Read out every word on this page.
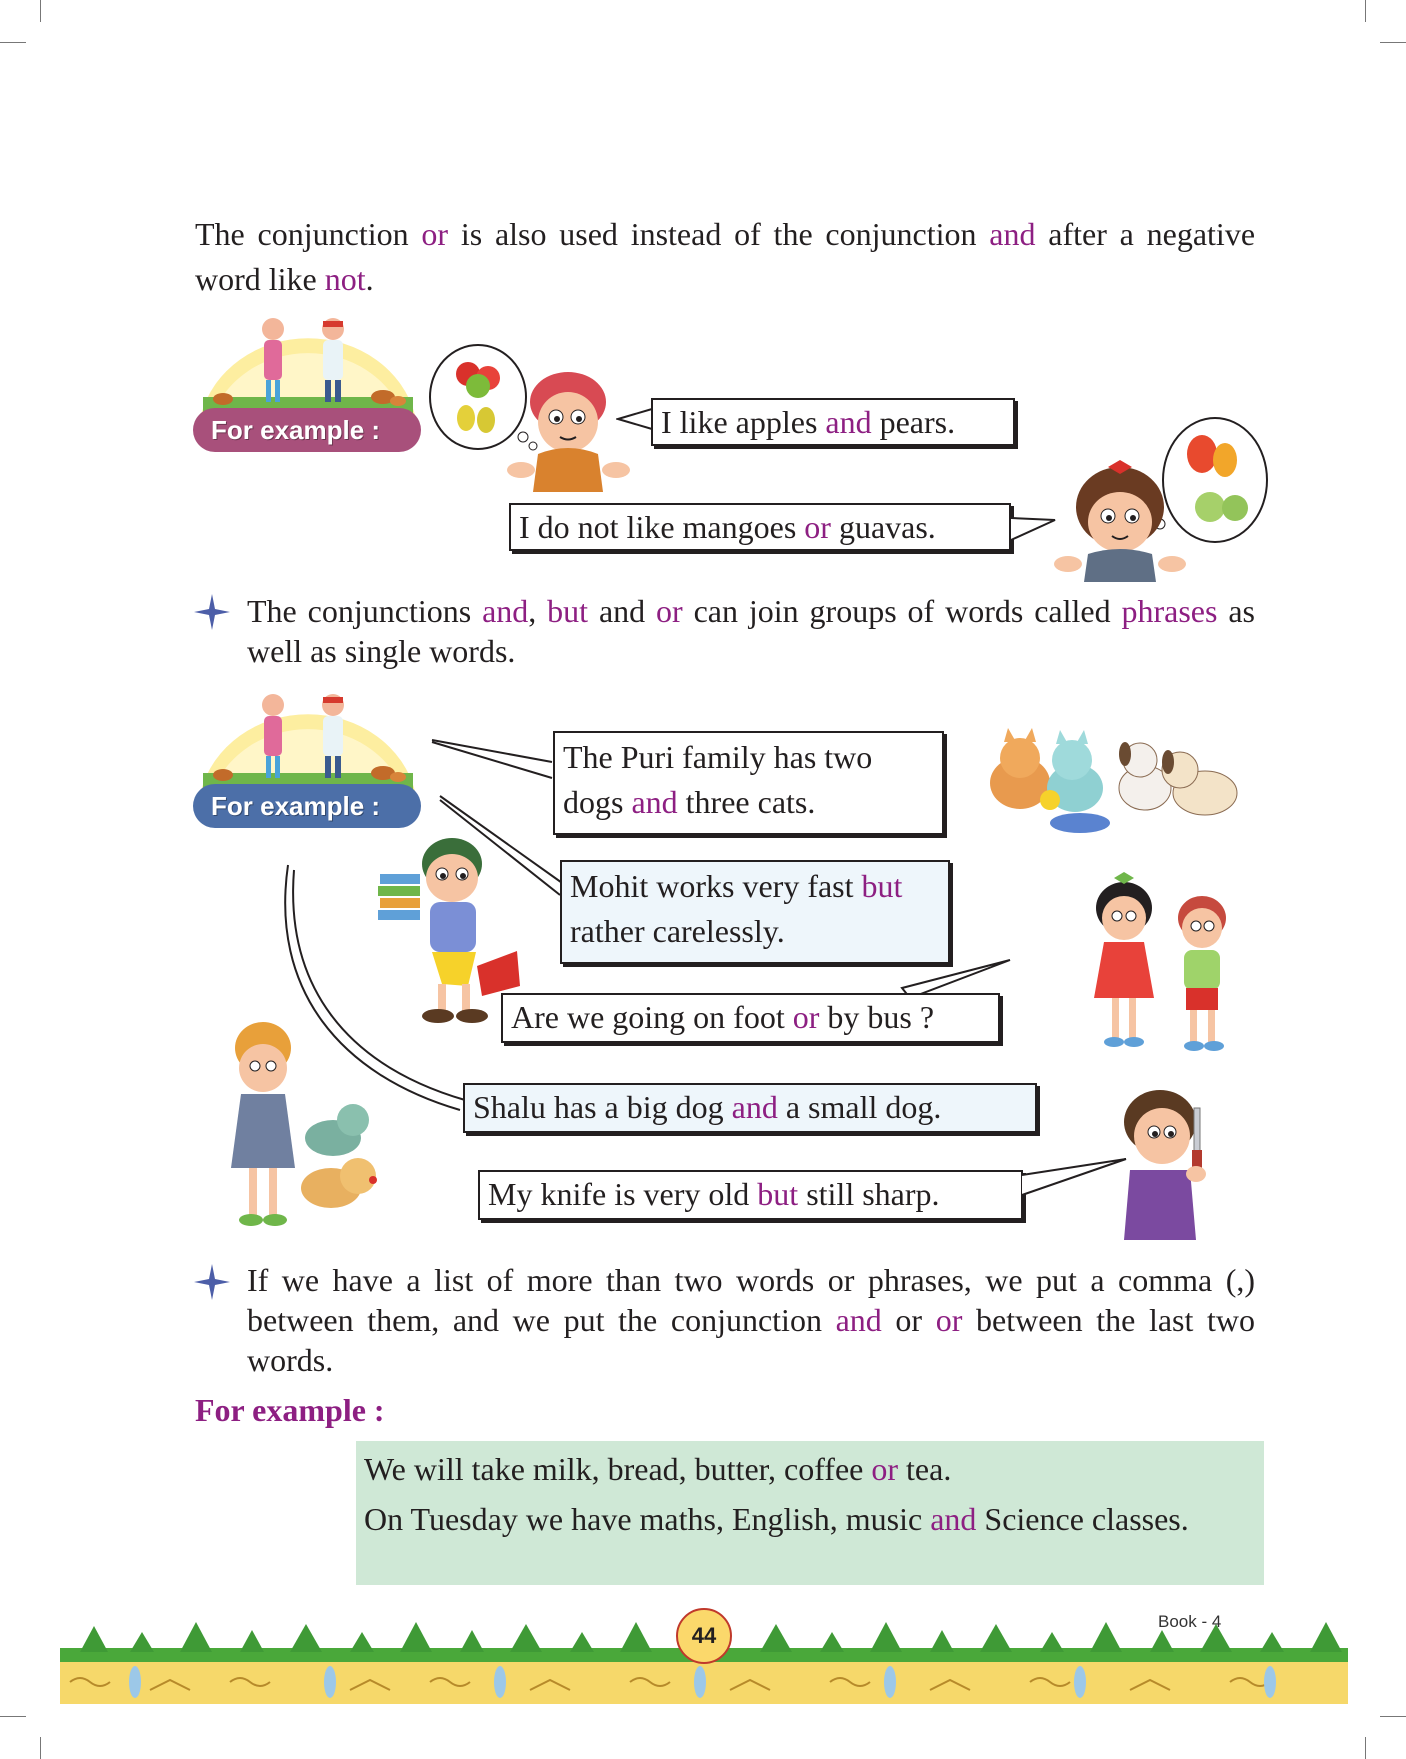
The conjunction or is also used instead of the conjunction and after a negative word like not.

For example :	I like apples and pears.
I do not like mangoes or guavas.

The conjunctions and, but and or can join groups of words called phrases as well as single words.

For example :
The Puri family has two dogs and three cats.
Mohit works very fast but rather carelessly.
Are we going on foot or by bus ?
Shalu has a big dog and a small dog.
My knife is very old but still sharp.

If we have a list of more than two words or phrases, we put a comma (,) between them, and we put the conjunction and or or between the last two words.

For example :

We will take milk, bread, butter, coffee or tea.

On Tuesday we have maths, English, music and Science classes.

44
Book - 4
